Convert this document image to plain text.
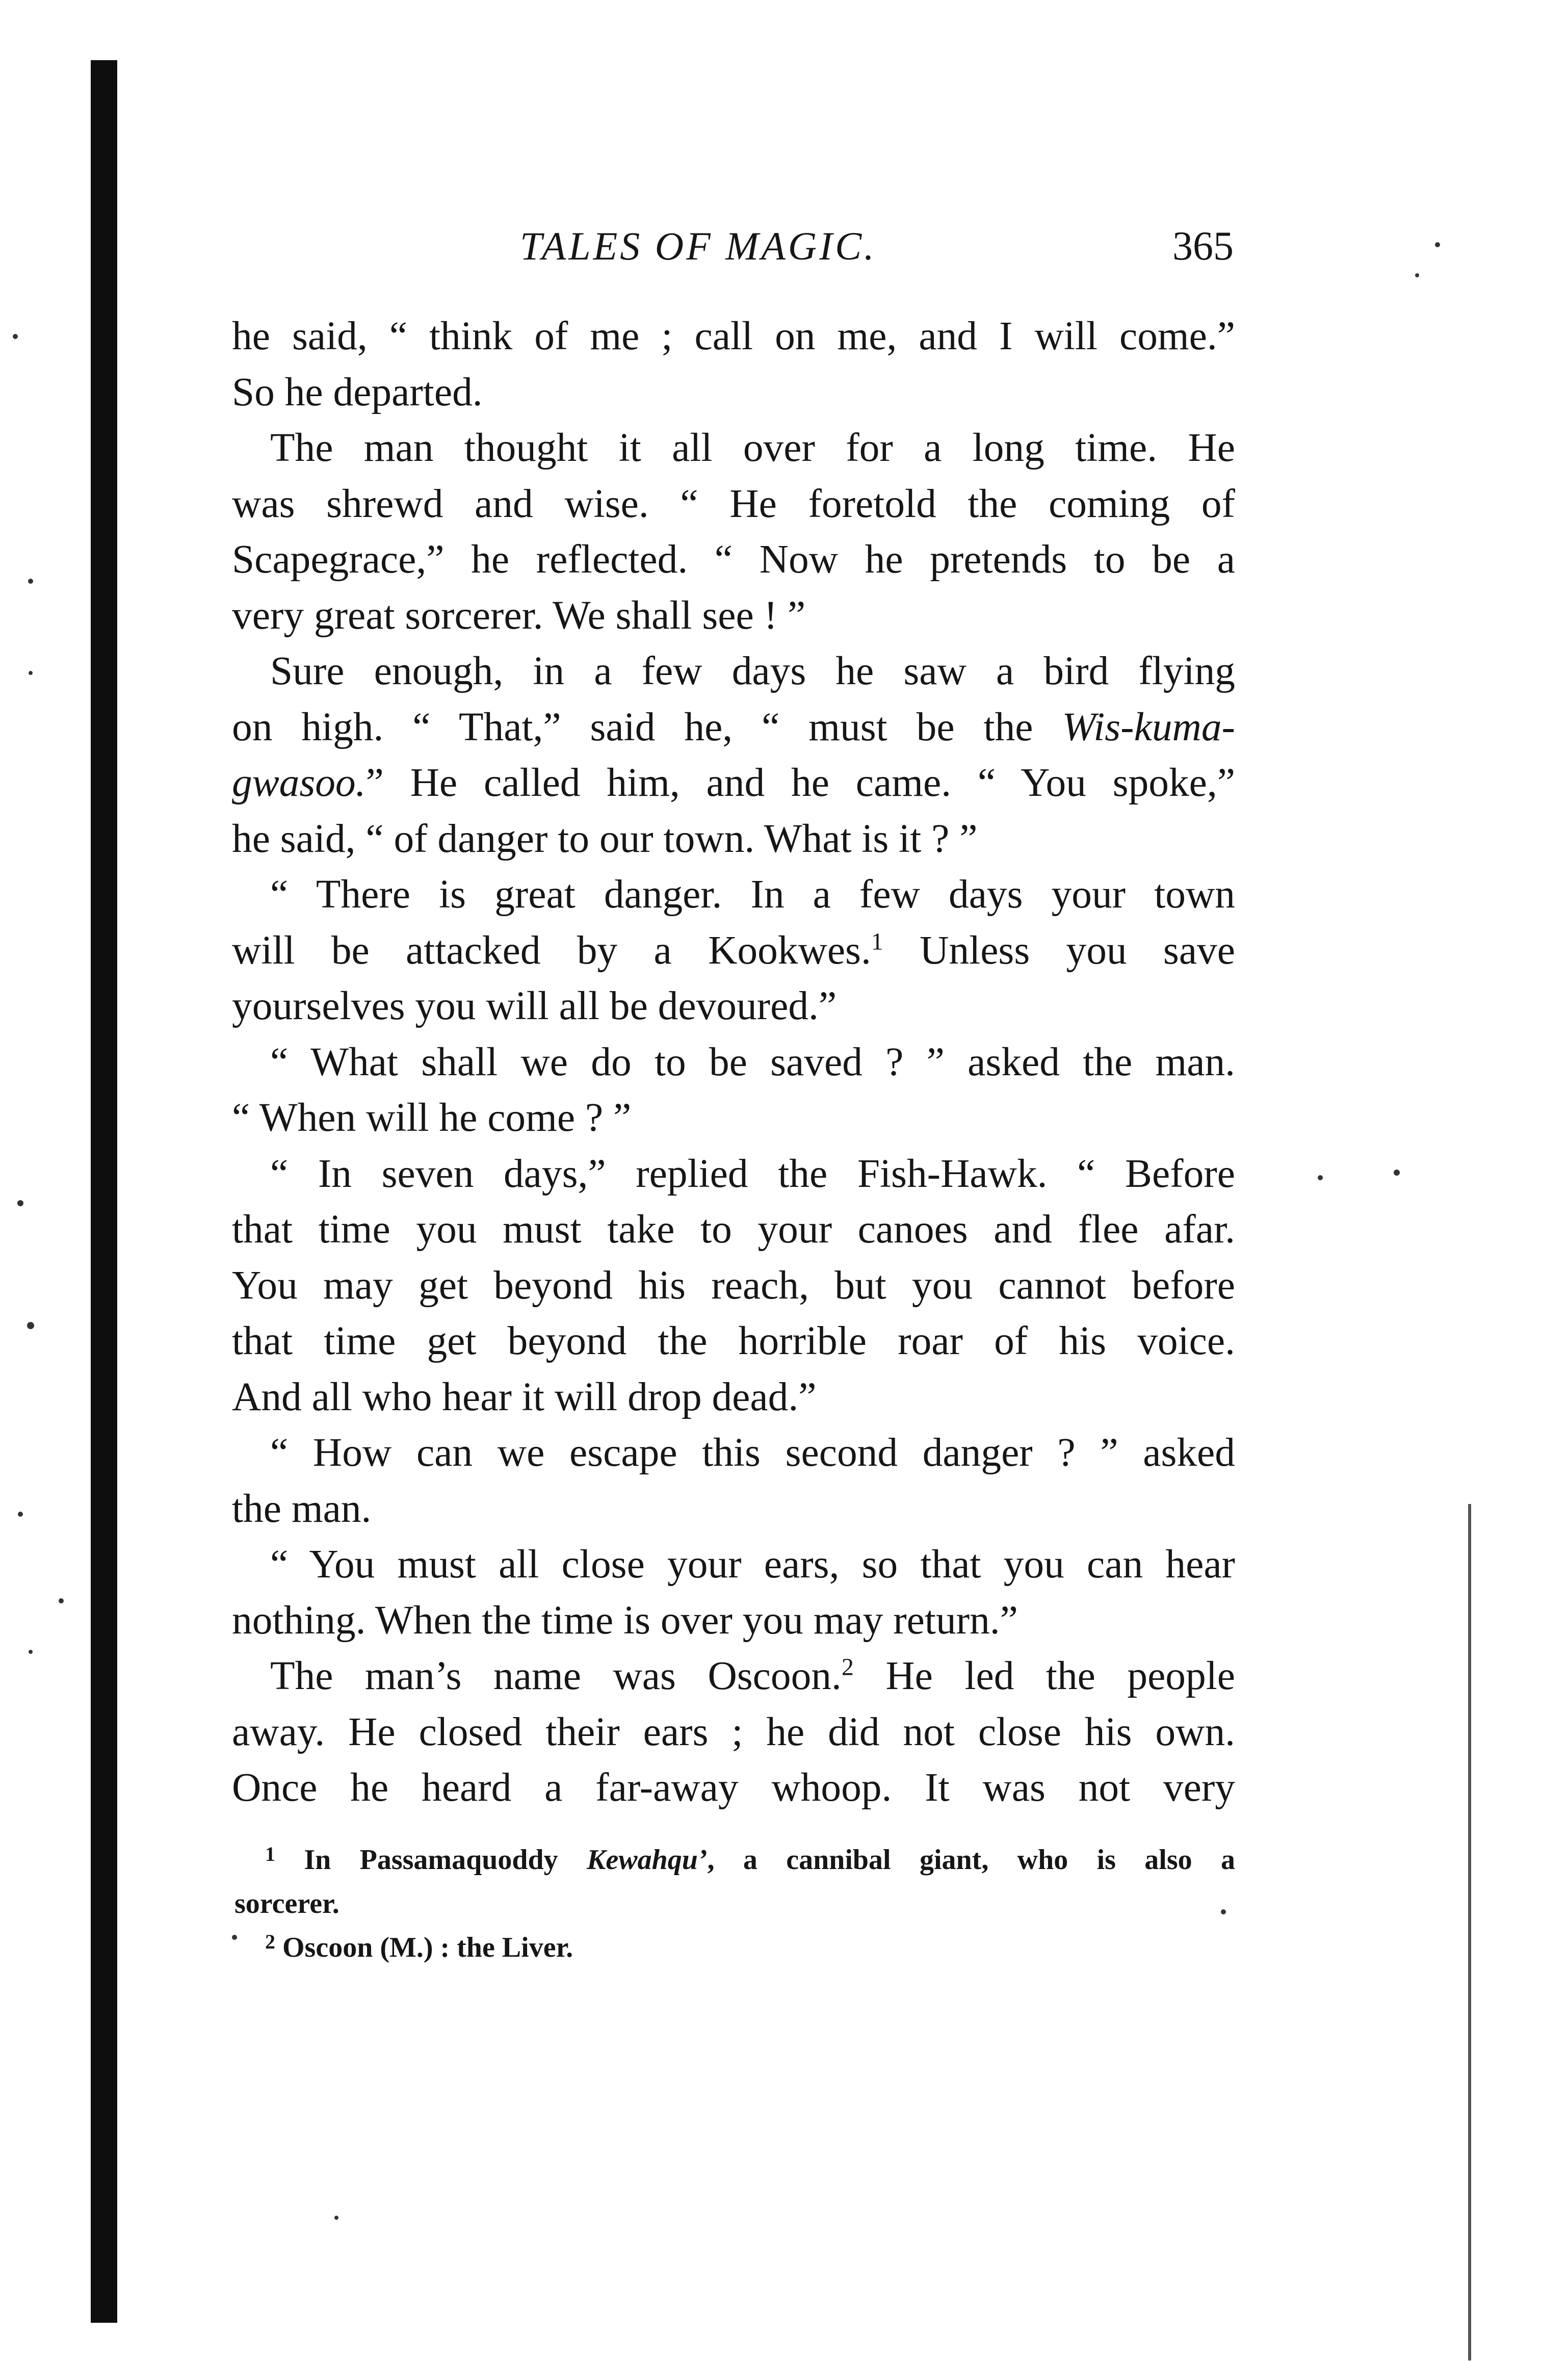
TALES OF MAGIC.	365
he said, “ think of me ; call on me, and I will come.”
So he departed.
The man thought it all over for a long time. He
was shrewd and wise. “ He foretold the coming of
Scapegrace,” he reflected. “ Now he pretends to be a
very great sorcerer. We shall see ! ”
Sure enough, in a few days he saw a bird flying
on high. “ That,” said he, “ must be the Wis-kuma-
gwasoo.” He called him, and he came. “ You spoke,”
he said, “ of danger to our town. What is it ? ”
“ There is great danger. In a few days your town
will be attacked by a Kookwes.$^1$ Unless you save
yourselves you will all be devoured.”
“ What shall we do to be saved ? ” asked the man.
“ When will he come ? ”
“ In seven days,” replied the Fish-Hawk. “ Before
that time you must take to your canoes and flee afar.
You may get beyond his reach, but you cannot before
that time get beyond the horrible roar of his voice.
And all who hear it will drop dead.”
“ How can we escape this second danger ? ” asked
the man.
“ You must all close your ears, so that you can hear
nothing. When the time is over you may return.”
The man’s name was Oscoon.$^2$ He led the people
away. He closed their ears ; he did not close his own.
Once he heard a far-away whoop. It was not very
$^1$ In Passamaquoddy Kewahqu’, a cannibal giant, who is also a
sorcerer.
$^2$ Oscoon (M.) : the Liver.
